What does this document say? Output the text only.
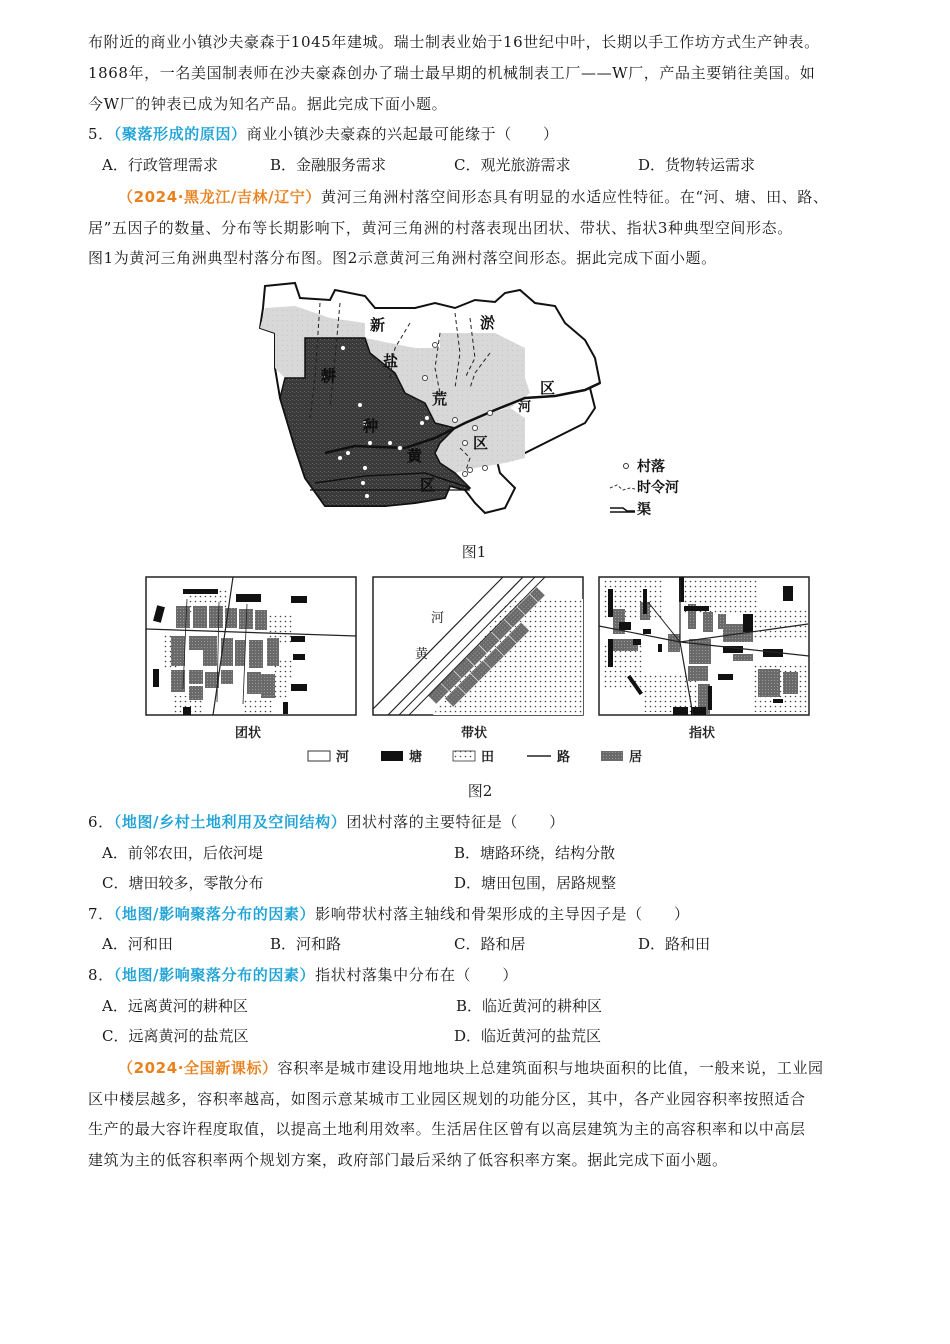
布附近的商业小镇沙夫豪森于1045年建城。瑞士制表业始于16世纪中叶，长期以手工作坊方式生产钟表。
1868年，一名美国制表师在沙夫豪森创办了瑞士最早期的机械制表工厂——W厂，产品主要销往美国。如
今W厂的钟表已成为知名产品。据此完成下面小题。
5．（聚落形成的原因）商业小镇沙夫豪森的兴起最可能缘于（　　）
A．行政管理需求	B．金融服务需求	C．观光旅游需求	D．货物转运需求
（2024·黑龙江/吉林/辽宁）黄河三角洲村落空间形态具有明显的水适应性特征。在“河、塘、田、路、
居”五因子的数量、分布等长期影响下，黄河三角洲的村落表现出团状、带状、指状3种典型空间形态。
图1为黄河三角洲典型村落分布图。图2示意黄河三角洲村落空间形态。据此完成下面小题。
新	淤
盐
荒
区
河
区
耕
种
黄
区
村落
时令河
渠
图1
黄
河
团状	带状	指状
河	塘	田	路	居
图2
6．（地图/乡村土地利用及空间结构）团状村落的主要特征是（　　）
A．前邻农田，后依河堤	B．塘路环绕，结构分散
C．塘田较多，零散分布	D．塘田包围，居路规整
7．（地图/影响聚落分布的因素）影响带状村落主轴线和骨架形成的主导因子是（　　）
A．河和田	B．河和路	C．路和居	D．路和田
8．（地图/影响聚落分布的因素）指状村落集中分布在（　　）
A．远离黄河的耕种区	B．临近黄河的耕种区
C．远离黄河的盐荒区	D．临近黄河的盐荒区
（2024·全国新课标）容积率是城市建设用地地块上总建筑面积与地块面积的比值，一般来说，工业园
区中楼层越多，容积率越高，如图示意某城市工业园区规划的功能分区，其中，各产业园容积率按照适合
生产的最大容许程度取值，以提高土地利用效率。生活居住区曾有以高层建筑为主的高容积率和以中高层
建筑为主的低容积率两个规划方案，政府部门最后采纳了低容积率方案。据此完成下面小题。
